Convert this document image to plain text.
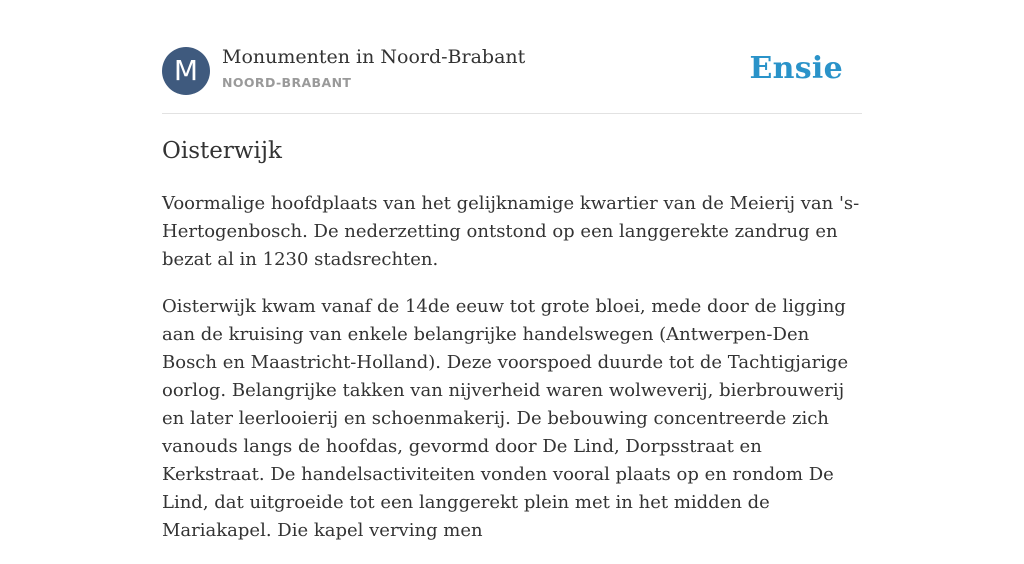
M	Monumenten in Noord-Brabant
NOORD-BRABANT	Ensie
Oisterwijk

Voormalige hoofdplaats van het gelijknamige kwartier van de Meierij van 's-Hertogenbosch. De nederzetting ontstond op een langgerekte zandrug en bezat al in 1230 stadsrechten.

Oisterwijk kwam vanaf de 14de eeuw tot grote bloei, mede door de ligging aan de kruising van enkele belangrijke handelswegen (Antwerpen-Den Bosch en Maastricht-Holland). Deze voorspoed duurde tot de Tachtigjarige oorlog. Belangrijke takken van nijverheid waren wolweverij, bierbrouwerij en later leerlooierij en schoenmakerij. De bebouwing concentreerde zich vanouds langs de hoofdas, gevormd door De Lind, Dorpsstraat en Kerkstraat. De handelsactiviteiten vonden vooral plaats op en rondom De Lind, dat uitgroeide tot een langgerekt plein met in het midden de Mariakapel. Die kapel verving men
